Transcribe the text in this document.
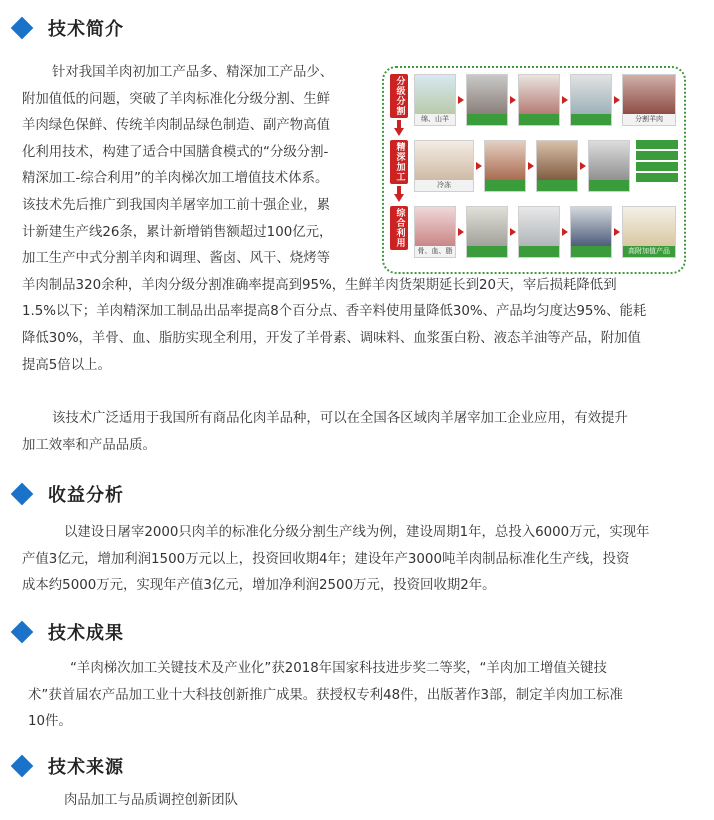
技术简介
针对我国羊肉初加工产品多、精深加工产品少、
附加值低的问题，突破了羊肉标准化分级分割、生鲜
羊肉绿色保鲜、传统羊肉制品绿色制造、副产物高值
化利用技术，构建了适合中国膳食模式的“分级分割-
精深加工-综合利用”的羊肉梯次加工增值技术体系。
该技术先后推广到我国肉羊屠宰加工前十强企业，累
计新建生产线26条，累计新增销售额超过100亿元，
加工生产中式分割羊肉和调理、酱卤、风干、烧烤等
羊肉制品320余种，羊肉分级分割准确率提高到95%，生鲜羊肉货架期延长到20天，宰后损耗降低到
1.5%以下；羊肉精深加工制品出品率提高8个百分点、香辛料使用量降低30%、产品均匀度达95%、能耗
降低30%，羊骨、血、脂肪实现全利用，开发了羊骨素、调味料、血浆蛋白粉、液态羊油等产品，附加值
提高5倍以上。
该技术广泛适用于我国所有商品化肉羊品种，可以在全国各区域肉羊屠宰加工企业应用，有效提升
加工效率和产品品质。
分级分割
精深加工
综合利用
绵、山羊	分割羊肉
冷冻
骨、血、脂	高附加值产品
收益分析
以建设日屠宰2000只肉羊的标准化分级分割生产线为例，建设周期1年，总投入6000万元，实现年
产值3亿元，增加利润1500万元以上，投资回收期4年；建设年产3000吨羊肉制品标准化生产线，投资
成本约5000万元，实现年产值3亿元，增加净利润2500万元，投资回收期2年。
技术成果
“羊肉梯次加工关键技术及产业化”获2018年国家科技进步奖二等奖，“羊肉加工增值关键技
术”获首届农产品加工业十大科技创新推广成果。获授权专利48件，出版著作3部，制定羊肉加工标准
10件。
技术来源
肉品加工与品质调控创新团队
